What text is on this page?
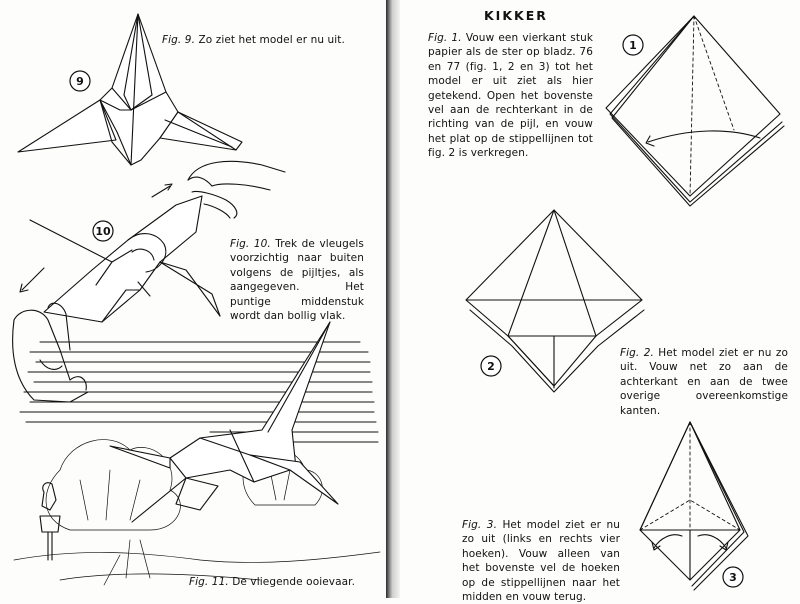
9
Fig. 9. Zo ziet het model er nu uit.
10
Fig. 10. Trek de vleugels voorzichtig naar buiten volgens de pijltjes, als aangegeven. Het puntige middenstuk wordt dan bollig vlak.
Fig. 11. De vliegende ooievaar.
KIKKER
Fig. 1. Vouw een vierkant stuk papier als de ster op bladz. 76 en 77 (fig. 1, 2 en 3) tot het model er uit ziet als hier getekend. Open het bovenste vel aan de rechterkant in de richting van de pijl, en vouw het plat op de stippellijnen tot fig. 2 is verkregen.
1
2
Fig. 2. Het model ziet er nu zo uit. Vouw net zo aan de achterkant en aan de twee overige overeenkomstige kanten.
3
Fig. 3. Het model ziet er nu zo uit (links en rechts vier hoeken). Vouw alleen van het bovenste vel de hoeken op de stippellijnen naar het midden en vouw terug.
